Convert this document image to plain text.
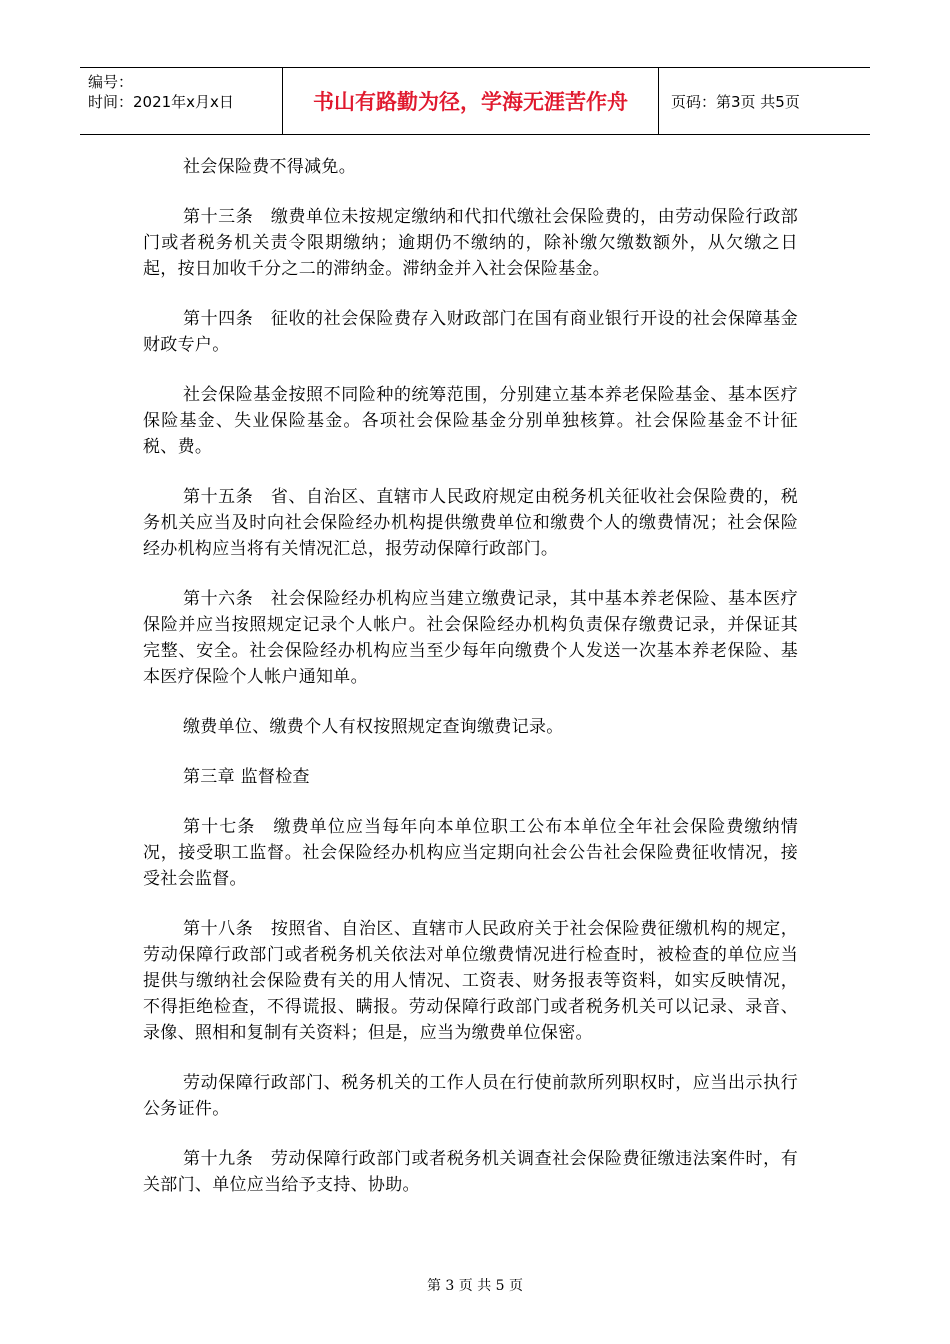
编号：
时间：2021年x月x日	书山有路勤为径，学海无涯苦作舟	页码：第3页 共5页

社会保险费不得减免。

第十三条　缴费单位未按规定缴纳和代扣代缴社会保险费的，由劳动保险行政部门或者税务机关责令限期缴纳；逾期仍不缴纳的，除补缴欠缴数额外，从欠缴之日起，按日加收千分之二的滞纳金。滞纳金并入社会保险基金。

第十四条　征收的社会保险费存入财政部门在国有商业银行开设的社会保障基金财政专户。

社会保险基金按照不同险种的统筹范围，分别建立基本养老保险基金、基本医疗保险基金、失业保险基金。各项社会保险基金分别单独核算。社会保险基金不计征税、费。

第十五条　省、自治区、直辖市人民政府规定由税务机关征收社会保险费的，税务机关应当及时向社会保险经办机构提供缴费单位和缴费个人的缴费情况；社会保险经办机构应当将有关情况汇总，报劳动保障行政部门。

第十六条　社会保险经办机构应当建立缴费记录，其中基本养老保险、基本医疗保险并应当按照规定记录个人帐户。社会保险经办机构负责保存缴费记录，并保证其完整、安全。社会保险经办机构应当至少每年向缴费个人发送一次基本养老保险、基本医疗保险个人帐户通知单。

缴费单位、缴费个人有权按照规定查询缴费记录。

第三章 监督检查

第十七条　缴费单位应当每年向本单位职工公布本单位全年社会保险费缴纳情况，接受职工监督。社会保险经办机构应当定期向社会公告社会保险费征收情况，接受社会监督。

第十八条　按照省、自治区、直辖市人民政府关于社会保险费征缴机构的规定，劳动保障行政部门或者税务机关依法对单位缴费情况进行检查时，被检查的单位应当提供与缴纳社会保险费有关的用人情况、工资表、财务报表等资料，如实反映情况，不得拒绝检查，不得谎报、瞒报。劳动保障行政部门或者税务机关可以记录、录音、录像、照相和复制有关资料；但是，应当为缴费单位保密。

劳动保障行政部门、税务机关的工作人员在行使前款所列职权时，应当出示执行公务证件。

第十九条　劳动保障行政部门或者税务机关调查社会保险费征缴违法案件时，有关部门、单位应当给予支持、协助。

第 3 页 共 5 页
